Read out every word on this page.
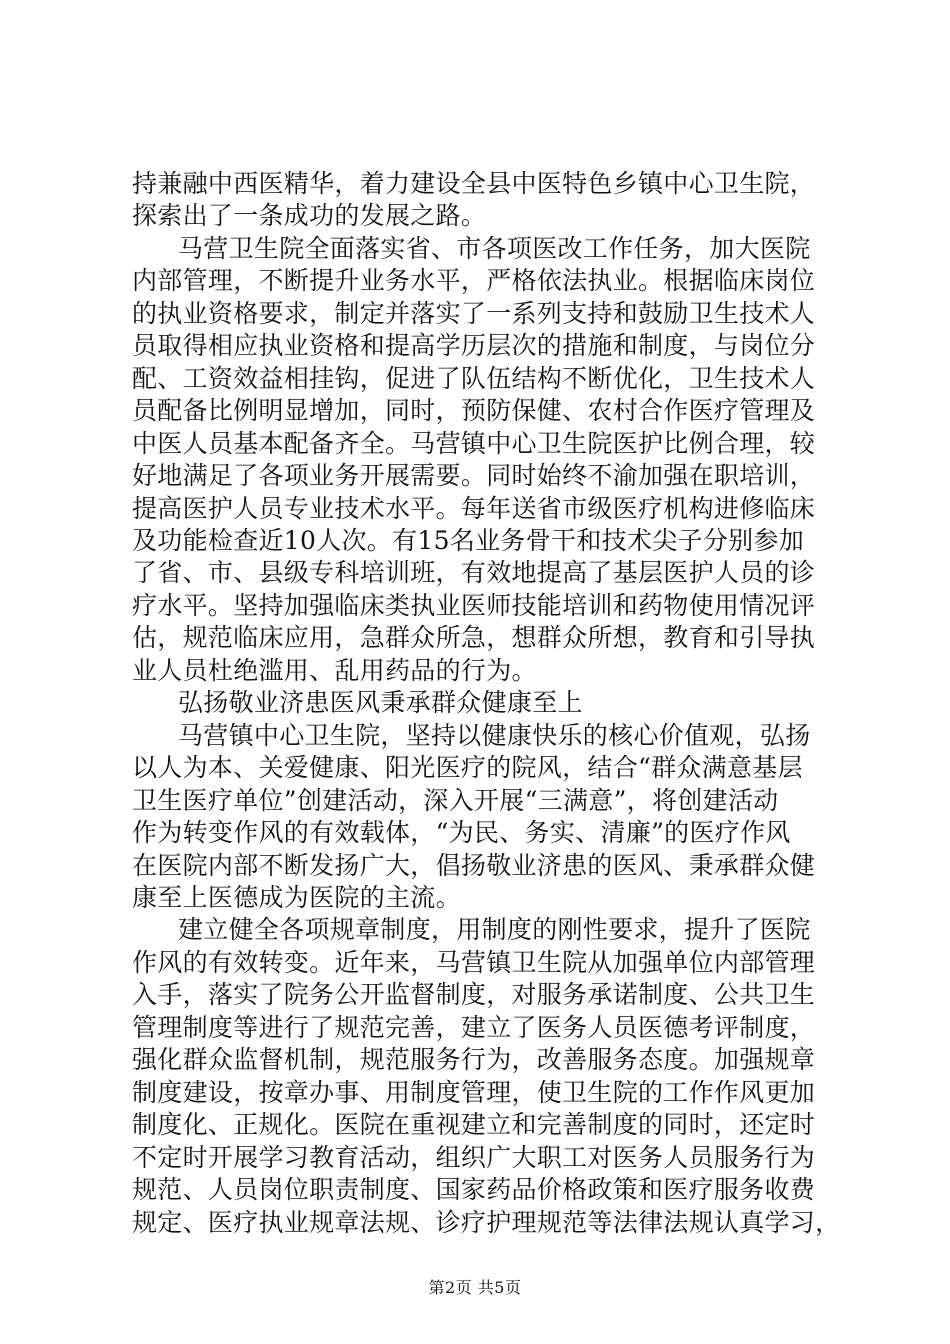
持兼融中西医精华，着力建设全县中医特色乡镇中心卫生院，
探索出了一条成功的发展之路。
马营卫生院全面落实省、市各项医改工作任务，加大医院
内部管理，不断提升业务水平，严格依法执业。根据临床岗位
的执业资格要求，制定并落实了一系列支持和鼓励卫生技术人
员取得相应执业资格和提高学历层次的措施和制度，与岗位分
配、工资效益相挂钩，促进了队伍结构不断优化，卫生技术人
员配备比例明显增加，同时，预防保健、农村合作医疗管理及
中医人员基本配备齐全。马营镇中心卫生院医护比例合理，较
好地满足了各项业务开展需要。同时始终不渝加强在职培训，
提高医护人员专业技术水平。每年送省市级医疗机构进修临床
及功能检查近10人次。有15名业务骨干和技术尖子分别参加
了省、市、县级专科培训班，有效地提高了基层医护人员的诊
疗水平。坚持加强临床类执业医师技能培训和药物使用情况评
估，规范临床应用，急群众所急，想群众所想，教育和引导执
业人员杜绝滥用、乱用药品的行为。
弘扬敬业济患医风秉承群众健康至上
马营镇中心卫生院，坚持以健康快乐的核心价值观，弘扬
以人为本、关爱健康、阳光医疗的院风，结合“群众满意基层
卫生医疗单位”创建活动，深入开展“三满意”，将创建活动
作为转变作风的有效载体，“为民、务实、清廉”的医疗作风
在医院内部不断发扬广大，倡扬敬业济患的医风、秉承群众健
康至上医德成为医院的主流。
建立健全各项规章制度，用制度的刚性要求，提升了医院
作风的有效转变。近年来，马营镇卫生院从加强单位内部管理
入手，落实了院务公开监督制度，对服务承诺制度、公共卫生
管理制度等进行了规范完善，建立了医务人员医德考评制度，
强化群众监督机制，规范服务行为，改善服务态度。加强规章
制度建设，按章办事、用制度管理，使卫生院的工作作风更加
制度化、正规化。医院在重视建立和完善制度的同时，还定时
不定时开展学习教育活动，组织广大职工对医务人员服务行为
规范、人员岗位职责制度、国家药品价格政策和医疗服务收费
规定、医疗执业规章法规、诊疗护理规范等法律法规认真学习，
第2页 共5页
